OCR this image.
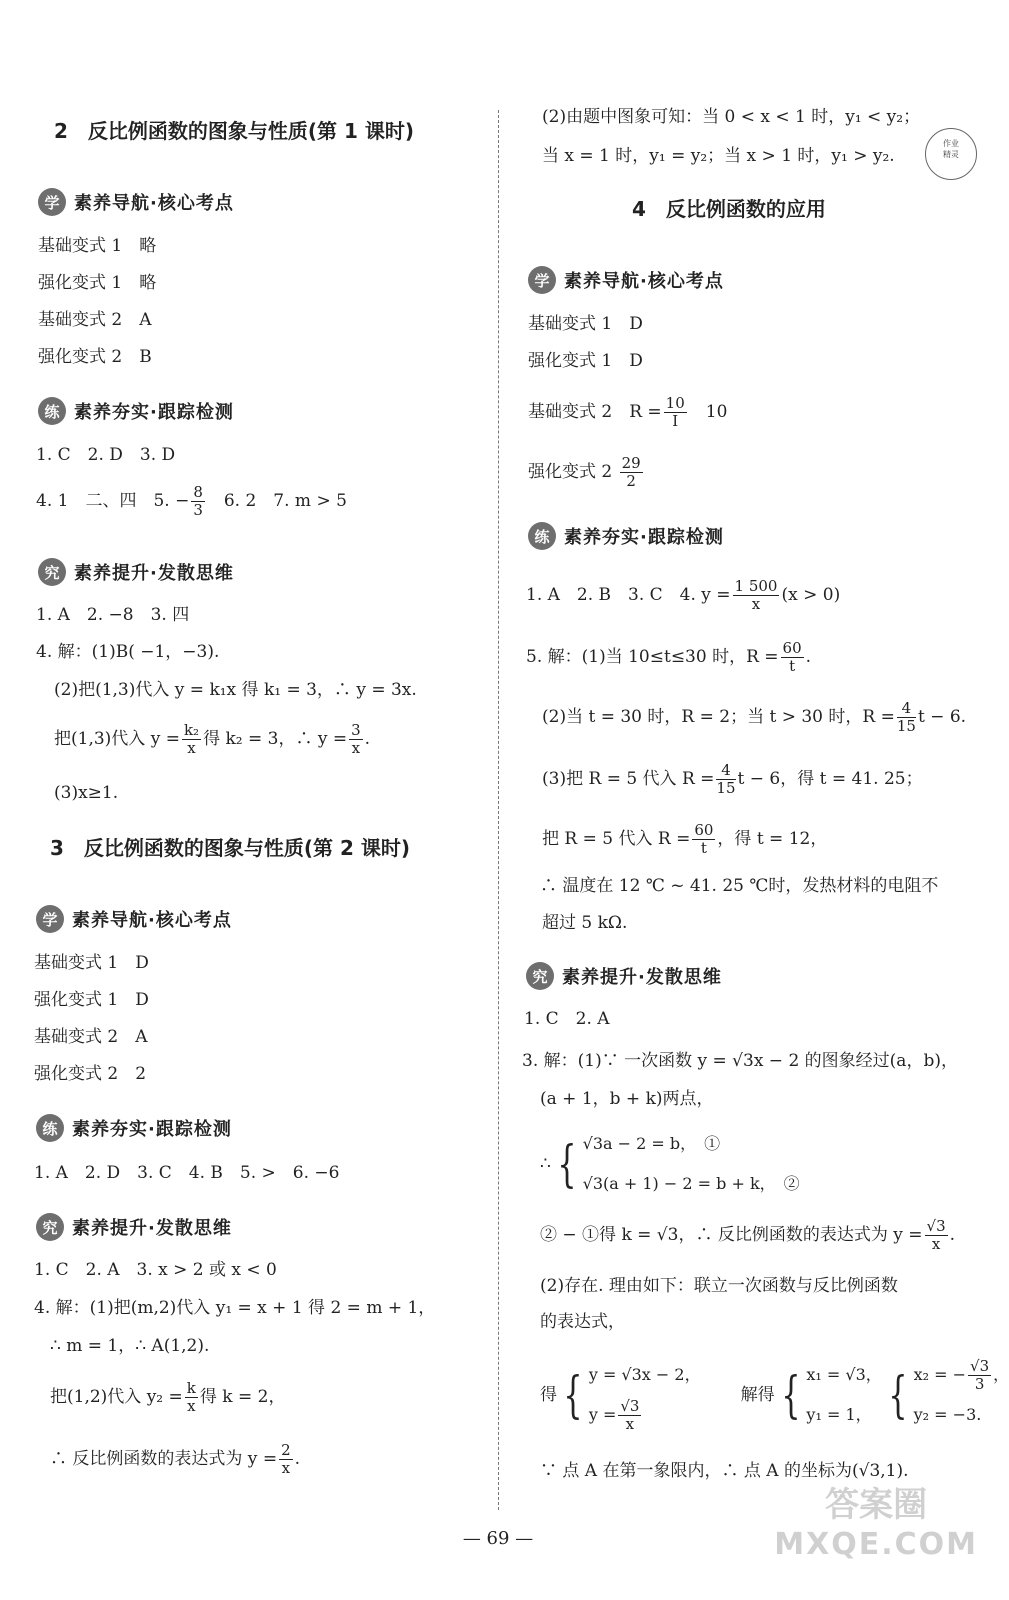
2　反比例函数的图象与性质(第 1 课时)
学 素养导航·核心考点
基础变式 1　略
强化变式 1　略
基础变式 2　A
强化变式 2　B
练 素养夯实·跟踪检测
1. C　2. D　3. D
4. 1　二、四　5. − $\frac{8}{3}$ 　6. 2　7. m > 5
究 素养提升·发散思维
1. A　2. −8　3. 四
4. 解：(1)B( −1，−3).
(2)把(1,3)代入 y = k₁x 得 k₁ = 3，∴ y = 3x.
把(1,3)代入 $y = \frac{\text{k₂}}{x}$ 得 k₂ = 3，∴ $y = \frac{3}{x}$ .
(3)x≥1.
3　反比例函数的图象与性质(第 2 课时)
学 素养导航·核心考点
基础变式 1　D
强化变式 1　D
基础变式 2　A
强化变式 2　2
练 素养夯实·跟踪检测
1. A　2. D　3. C　4. B　5. >　6. −6
究 素养提升·发散思维
1. C　2. A　3. x > 2 或 x < 0
4. 解：(1)把(m,2)代入 y₁ = x + 1 得 2 = m + 1，
∴ m = 1，∴ A(1,2).
把(1,2)代入 $y_2 = \frac{k}{x}$ 得 k = 2，
∴ 反比例函数的表达式为 $y = \frac{2}{x}$ .
(2)由题中图象可知：当 0 < x < 1 时，y₁ < y₂；
当 x = 1 时，y₁ = y₂；当 x > 1 时，y₁ > y₂.
4　反比例函数的应用
学 素养导航·核心考点
基础变式 1　D
强化变式 1　D
基础变式 2　$R = \frac{10}{I}$ 　10
强化变式 $2 \frac{29}{2}$
练 素养夯实·跟踪检测
1. A　2. B　3. C　4. $y = \frac{1 500}{x} (x > 0)$
5. 解：(1)当 10≤t≤30 时，$R = \frac{60}{t}$ .
(2)当 t = 30 时，R = 2；当 t > 30 时，$R = \frac{4}{15}$ t − 6.
(3)把 R = 5 代入 $R = \frac{4}{15}$ t − 6，得 t = 41. 25；
把 R = 5 代入 $R = \frac{60}{t}$ ，得 t = 12，
∴ 温度在 12 ℃ ~ 41. 25 ℃时，发热材料的电阻不
超过 5 kΩ.
究 素养提升·发散思维
1. C　2. A
3. 解：(1)∵ 一次函数 y = √3x − 2 的图象经过(a，b)，
(a + 1，b + k)两点，
∴ { √3a − 2 = b，　①
√3(a + 1) − 2 = b + k，　②
② − ①得 k = √3，∴ 反比例函数的表达式为 $y = \frac{√3}{x}$ .
(2)存在. 理由如下：联立一次函数与反比例函数
的表达式，
得 { y = √3x − 2，
$y = \frac{√3}{x}$
解得 { x₁ = √3，
y₁ = 1， { x₂ = − $\frac{√3}{3}$ ，
y₂ = −3.
∵ 点 A 在第一象限内，∴ 点 A 的坐标为(√3,1).
作业
精灵
— 69 —
答案圈
MXQE.COM
